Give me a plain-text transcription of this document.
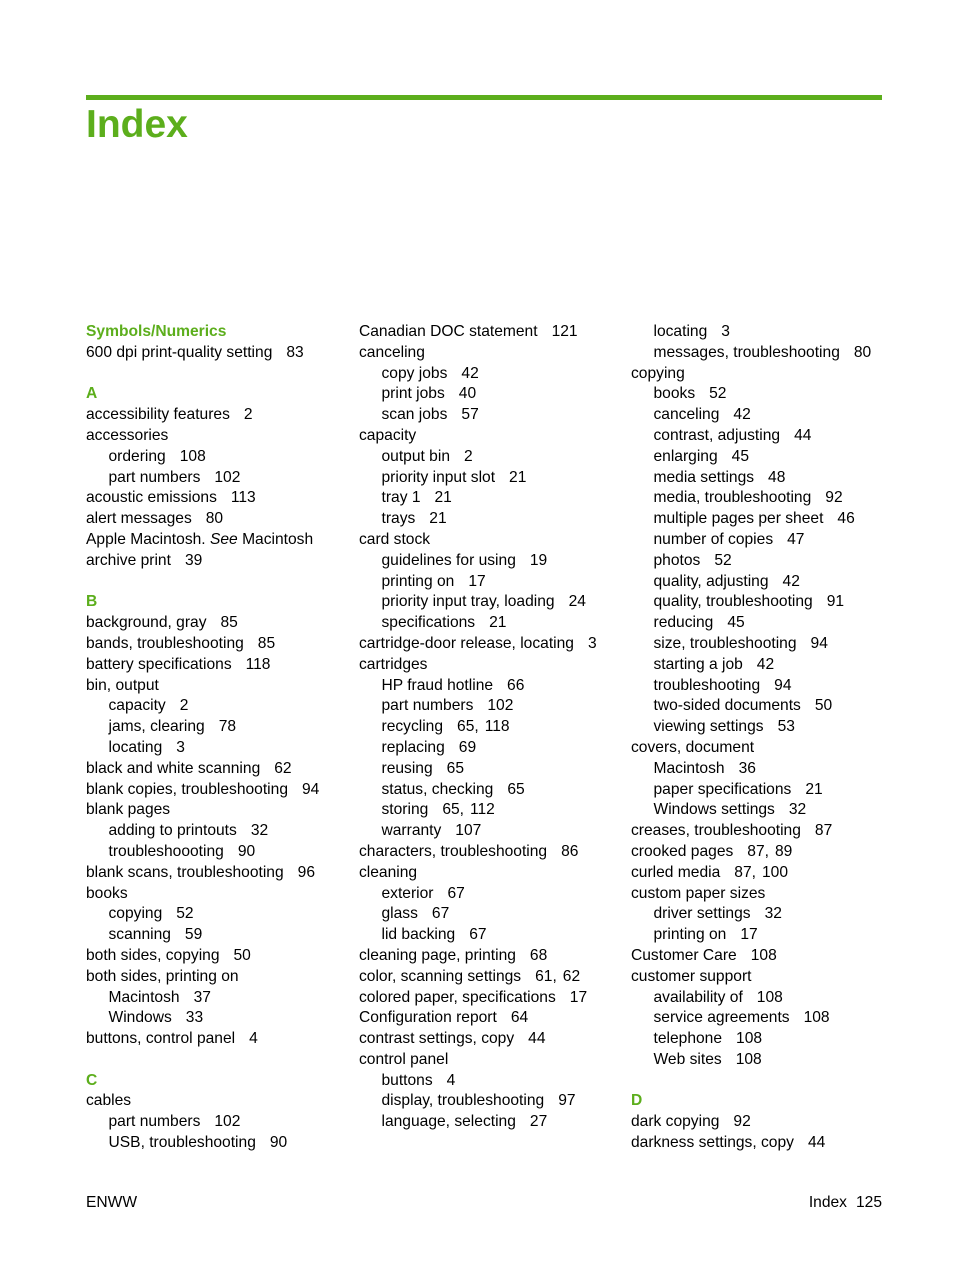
Index
Symbols/Numerics
600 dpi print-quality setting 83
A
accessibility features 2
accessories
ordering 108
part numbers 102
acoustic emissions 113
alert messages 80
Apple Macintosh. See Macintosh
archive print 39
B
background, gray 85
bands, troubleshooting 85
battery specifications 118
bin, output
capacity 2
jams, clearing 78
locating 3
black and white scanning 62
blank copies, troubleshooting 94
blank pages
adding to printouts 32
troubleshoooting 90
blank scans, troubleshooting 96
books
copying 52
scanning 59
both sides, copying 50
both sides, printing on
Macintosh 37
Windows 33
buttons, control panel 4
C
cables
part numbers 102
USB, troubleshooting 90
Canadian DOC statement 121
canceling
copy jobs 42
print jobs 40
scan jobs 57
capacity
output bin 2
priority input slot 21
tray 1 21
trays 21
card stock
guidelines for using 19
printing on 17
priority input tray, loading 24
specifications 21
cartridge-door release, locating 3
cartridges
HP fraud hotline 66
part numbers 102
recycling 65, 118
replacing 69
reusing 65
status, checking 65
storing 65, 112
warranty 107
characters, troubleshooting 86
cleaning
exterior 67
glass 67
lid backing 67
cleaning page, printing 68
color, scanning settings 61, 62
colored paper, specifications 17
Configuration report 64
contrast settings, copy 44
control panel
buttons 4
display, troubleshooting 97
language, selecting 27
locating 3
messages, troubleshooting 80
copying
books 52
canceling 42
contrast, adjusting 44
enlarging 45
media settings 48
media, troubleshooting 92
multiple pages per sheet 46
number of copies 47
photos 52
quality, adjusting 42
quality, troubleshooting 91
reducing 45
size, troubleshooting 94
starting a job 42
troubleshooting 94
two-sided documents 50
viewing settings 53
covers, document
Macintosh 36
paper specifications 21
Windows settings 32
creases, troubleshooting 87
crooked pages 87, 89
curled media 87, 100
custom paper sizes
driver settings 32
printing on 17
Customer Care 108
customer support
availability of 108
service agreements 108
telephone 108
Web sites 108
D
dark copying 92
darkness settings, copy 44
ENWW	Index 125
